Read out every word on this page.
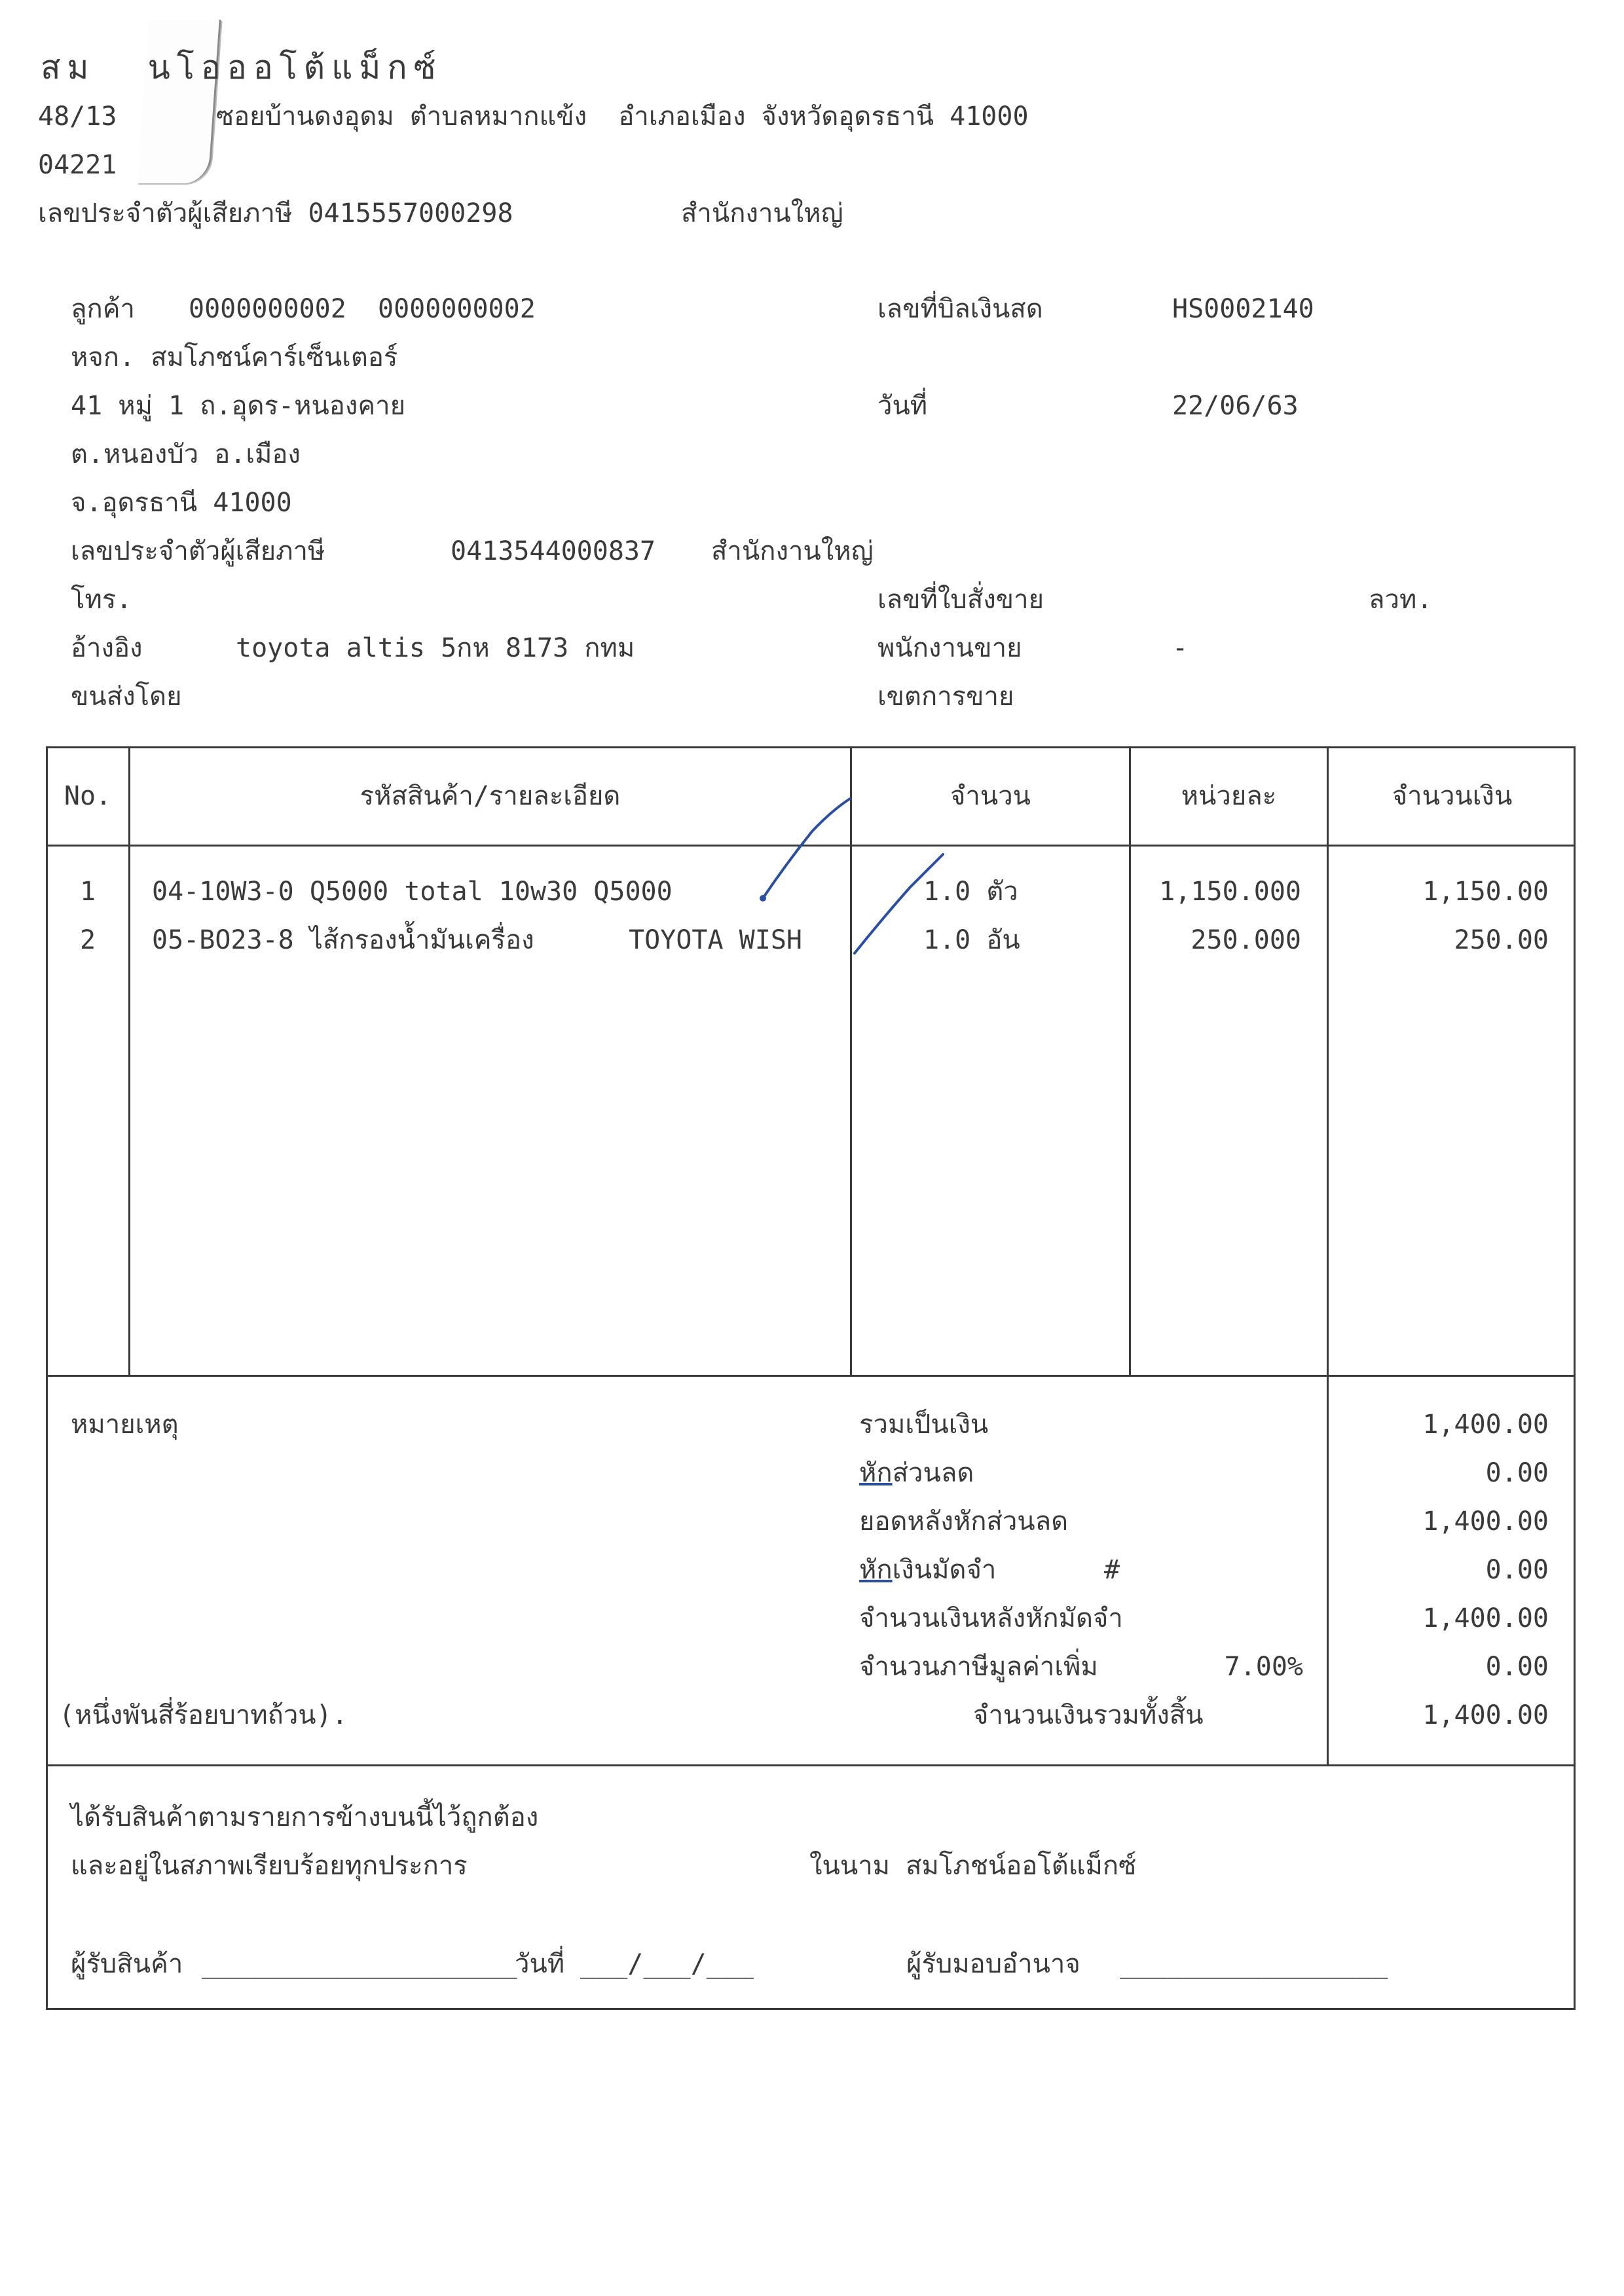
สม  นโอออโต้แม็กซ์
48/13	ซอยบ้านดงอุดม ตำบลหมากแข้ง  อำเภอเมือง จังหวัดอุดรธานี 41000
04221
เลขประจำตัวผู้เสียภาษี 0415557000298	สำนักงานใหญ่
ลูกค้า 0000000002  0000000002
หจก. สมโภชน์คาร์เซ็นเตอร์
41 หมู่ 1 ถ.อุดร-หนองคาย
ต.หนองบัว อ.เมือง
จ.อุดรธานี 41000
เลขประจำตัวผู้เสียภาษี	0413544000837 สำนักงานใหญ่
โทร.
อ้างอิง	toyota altis 5กห 8173 กทม
ขนส่งโดย
เลขที่บิลเงินสด	HS0002140
วันที่	22/06/63
เลขที่ใบสั่งขาย	ลวท.
พนักงานขาย	-
เขตการขาย
No.	รหัสสินค้า/รายละเอียด	จำนวน	หน่วยละ	จำนวนเงิน
1	04-10W3-0 Q5000 total 10w30 Q5000	1.0 ตัว	1,150.000	1,150.00
2	05-BO23-8 ไส้กรองน้ำมันเครื่อง      TOYOTA WISH	1.0 อัน	250.000	250.00
หมายเหตุ
(หนึ่งพันสี่ร้อยบาทถ้วน).
รวมเป็นเงิน	1,400.00
หักส่วนลด	0.00
ยอดหลังหักส่วนลด	1,400.00
หักเงินมัดจำ	#	0.00
จำนวนเงินหลังหักมัดจำ	1,400.00
จำนวนภาษีมูลค่าเพิ่ม	7.00%	0.00
จำนวนเงินรวมทั้งสิ้น	1,400.00
ได้รับสินค้าตามรายการข้างบนนี้ไว้ถูกต้อง
และอยู่ในสภาพเรียบร้อยทุกประการ	ในนาม สมโภชน์ออโต้แม็กซ์
ผู้รับสินค้า ____________________
วันที่ ___/___/___	ผู้รับมอบอำนาจ _________________
